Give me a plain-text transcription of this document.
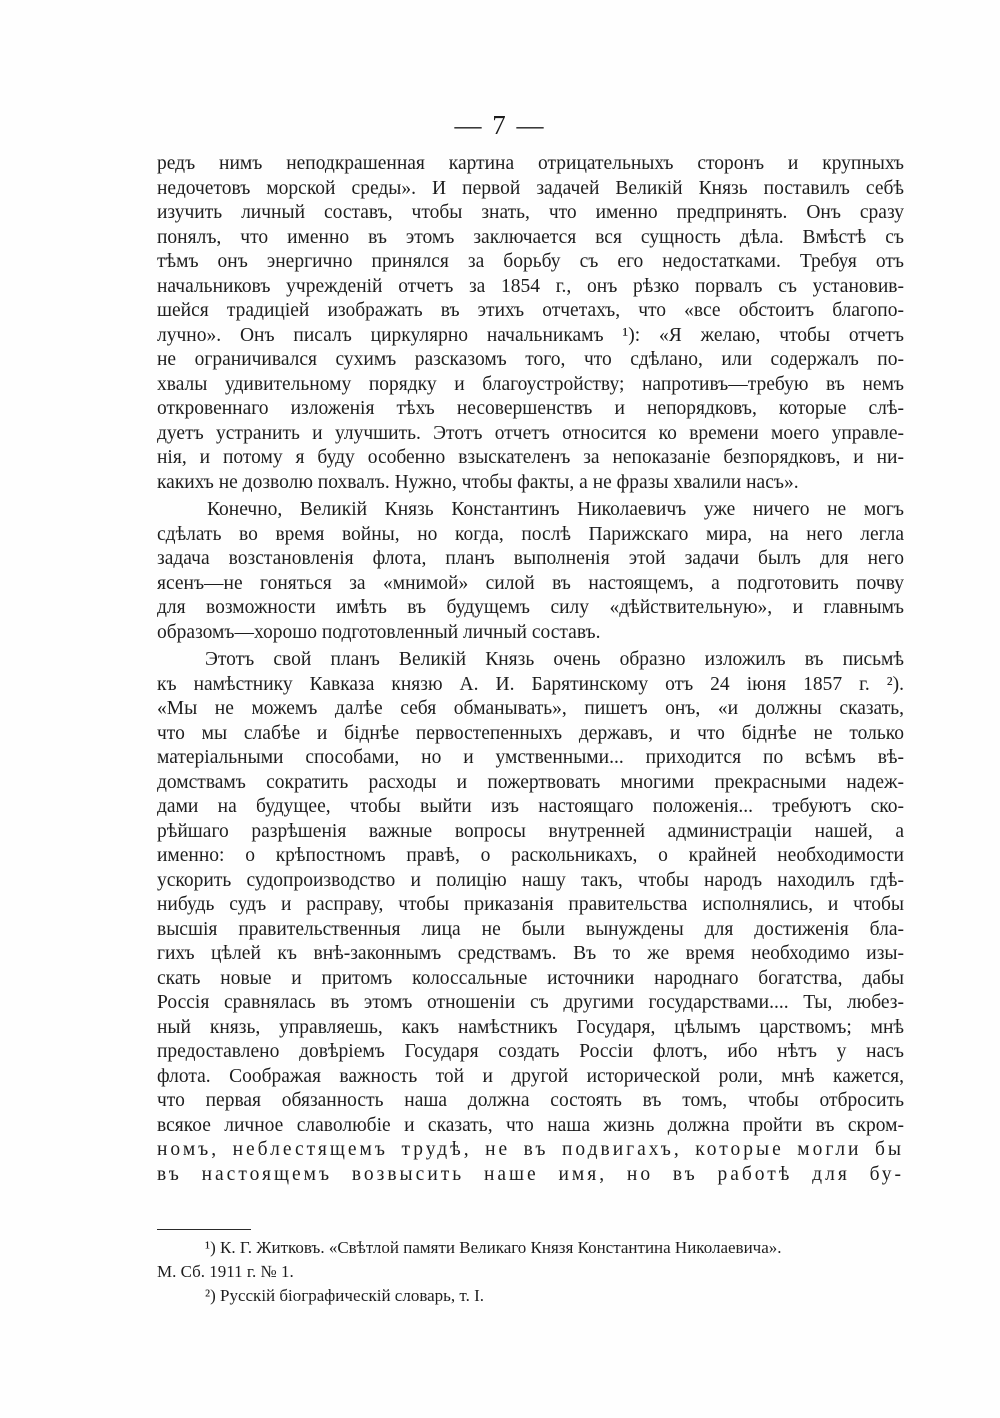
— 7 —
редъ нимъ неподкрашенная картина отрицательныхъ сторонъ и крупныхъ
недочетовъ морской среды». И первой задачей Великій Князь поставилъ себѣ
изучить личный составъ, чтобы знать, что именно предпринять. Онъ сразу
понялъ, что именно въ этомъ заключается вся сущность дѣла. Вмѣстѣ съ
тѣмъ онъ энергично принялся за борьбу съ его недостатками. Требуя отъ
начальниковъ учрежденій отчетъ за 1854 г., онъ рѣзко порвалъ съ установив-
шейся традиціей изображать въ этихъ отчетахъ, что «все обстоитъ благопо-
лучно». Онъ писалъ циркулярно начальникамъ ¹): «Я желаю, чтобы отчетъ
не ограничивался сухимъ разсказомъ того, что сдѣлано, или содержалъ по-
хвалы удивительному порядку и благоустройству; напротивъ—требую въ немъ
откровеннаго изложенія тѣхъ несовершенствъ и непорядковъ, которые слѣ-
дуетъ устранить и улучшить. Этотъ отчетъ относится ко времени моего управле-
нія, и потому я буду особенно взыскателенъ за непоказаніе безпорядковъ, и ни-
какихъ не дозволю похвалъ. Нужно, чтобы факты, а не фразы хвалили насъ».
Конечно, Великій Князь Константинъ Николаевичъ уже ничего не могъ
сдѣлать во время войны, но когда, послѣ Парижскаго мира, на него легла
задача возстановленія флота, планъ выполненія этой задачи былъ для него
ясенъ—не гоняться за «мнимой» силой въ настоящемъ, а подготовить почву
для возможности имѣть въ будущемъ силу «дѣйствительную», и главнымъ
образомъ—хорошо подготовленный личный составъ.
Этотъ свой планъ Великій Князь очень образно изложилъ въ письмѣ
къ намѣстнику Кавказа князю А. И. Барятинскому отъ 24 іюня 1857 г. ²).
«Мы не можемъ далѣе себя обманывать», пишетъ онъ, «и должны сказать,
что мы слабѣе и біднѣе первостепенныхъ державъ, и что біднѣе не только
матеріальными способами, но и умственными... приходится по всѣмъ вѣ-
домствамъ сократить расходы и пожертвовать многими прекрасными надеж-
дами на будущее, чтобы выйти изъ настоящаго положенія... требуютъ ско-
рѣйшаго разрѣшенія важные вопросы внутренней администраціи нашей, а
именно: о крѣпостномъ правѣ, о раскольникахъ, о крайней необходимости
ускорить судопроизводство и полицію нашу такъ, чтобы народъ находилъ гдѣ-
нибудь судъ и расправу, чтобы приказанія правительства исполнялись, и чтобы
высшія правительственныя лица не были вынуждены для достиженія бла-
гихъ цѣлей къ внѣ-законнымъ средствамъ. Въ то же время необходимо изы-
скать новые и притомъ колоссальные источники народнаго богатства, дабы
Россія сравнялась въ этомъ отношеніи съ другими государствами.... Ты, любез-
ный князь, управляешь, какъ намѣстникъ Государя, цѣлымъ царствомъ; мнѣ
предоставлено довѣріемъ Государя создать Россіи флотъ, ибо нѣтъ у насъ
флота. Соображая важность той и другой исторической роли, мнѣ кажется,
что первая обязанность наша должна состоять въ томъ, чтобы отбросить
всякое личное славолюбіе и сказать, что наша жизнь должна пройти въ скром-
номъ, неблестящемъ трудѣ, не въ подвигахъ, которые могли бы
въ настоящемъ возвысить наше имя, но въ работѣ для бу-
¹) К. Г. Житковъ. «Свѣтлой памяти Великаго Князя Константина Николаевича».
М. Сб. 1911 г. № 1.
²) Русскій біографическій словарь, т. I.
